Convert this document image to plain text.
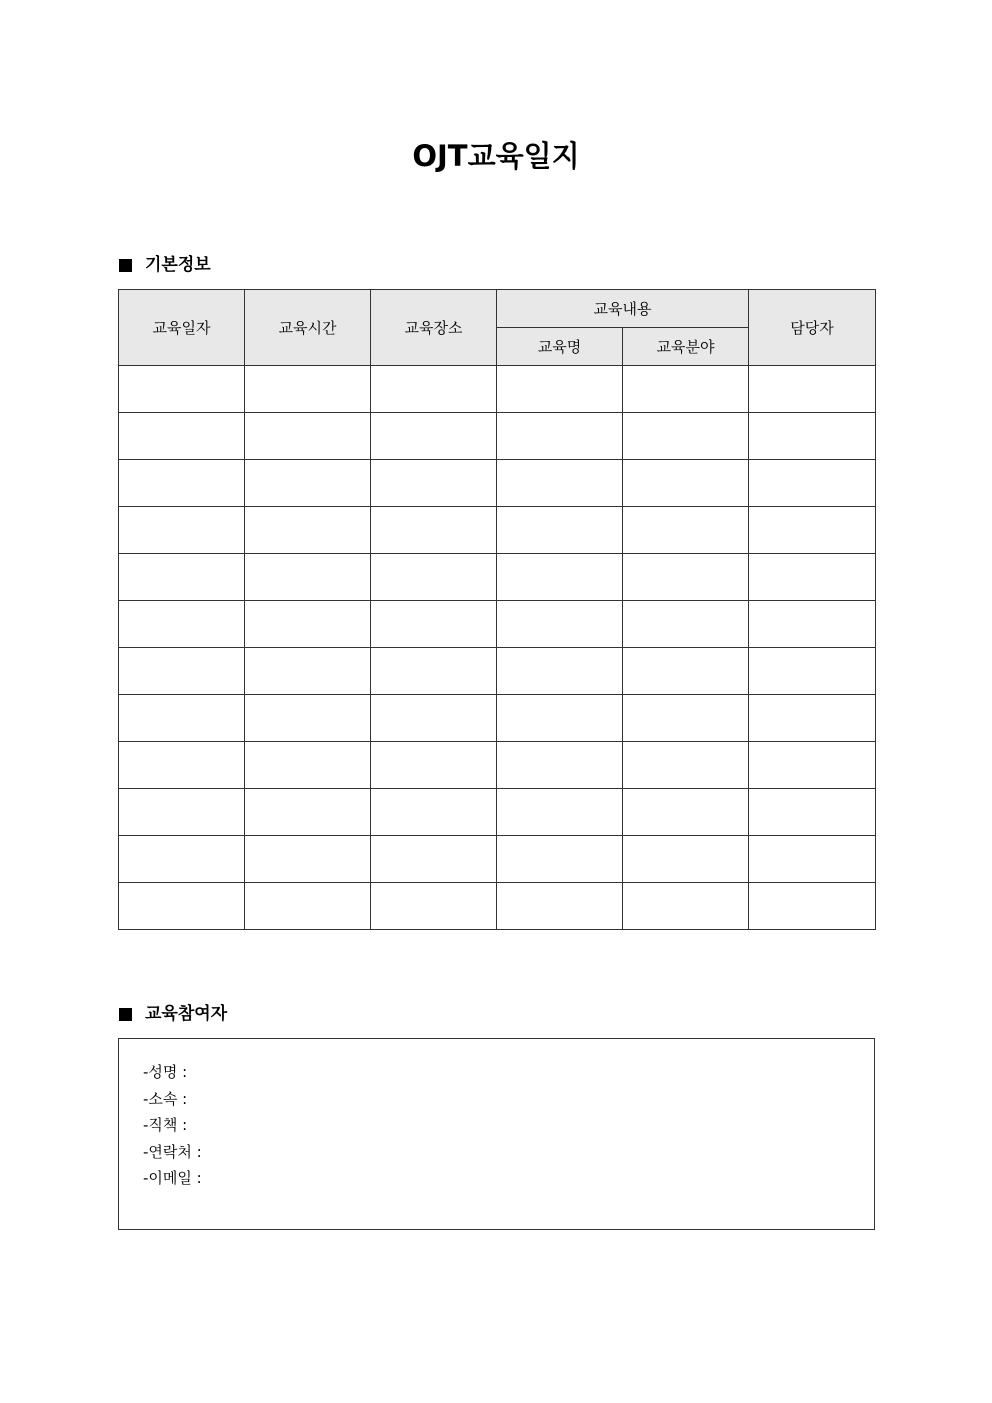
OJT교육일지
기본정보
교육일자	교육시간	교육장소	교육내용		담당자
			교육명	교육분야	

교육참여자
-성명 :
-소속 :
-직책 :
-연락처 :
-이메일 :
